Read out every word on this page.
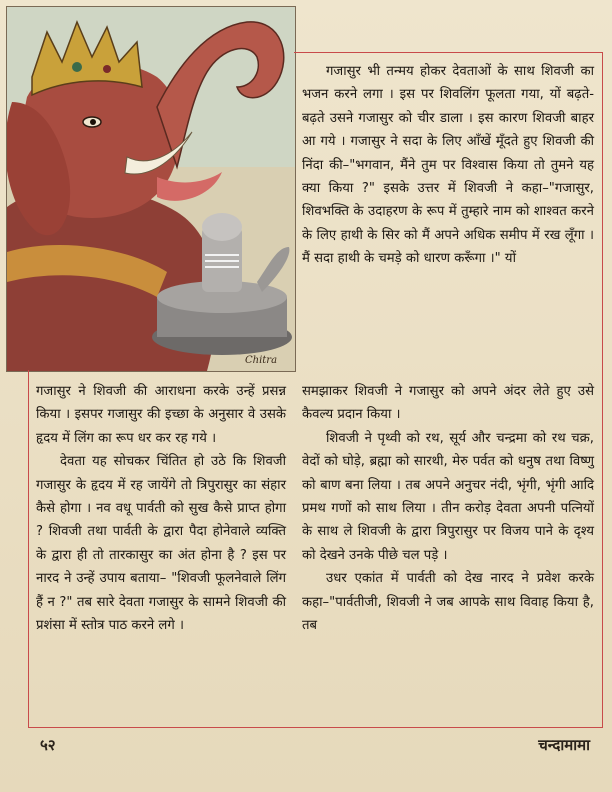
Chitra

गजासुर भी तन्मय होकर देवताओं के साथ शिवजी का भजन करने लगा । इस पर शिवलिंग फूलता गया, यों बढ़ते-बढ़ते उसने गजासुर को चीर डाला । इस कारण शिवजी बाहर आ गये । गजासुर ने सदा के लिए आँखें मूँदते हुए शिवजी की निंदा की–"भगवान, मैंने तुम पर विश्वास किया तो तुमने यह क्या किया ?" इसके उत्तर में शिवजी ने कहा–"गजासुर, शिवभक्ति के उदाहरण के रूप में तुम्हारे नाम को शाश्वत करने के लिए हाथी के सिर को मैं अपने अधिक समीप में रख लूँगा । मैं सदा हाथी के चमड़े को धारण करूँगा ।" यों

गजासुर ने शिवजी की आराधना करके उन्हें प्रसन्न किया । इसपर गजासुर की इच्छा के अनुसार वे उसके हृदय में लिंग का रूप धर कर रह गये ।

देवता यह सोचकर चिंतित हो उठे कि शिवजी गजासुर के हृदय में रह जायेंगे तो त्रिपुरासुर का संहार कैसे होगा । नव वधू पार्वती को सुख कैसे प्राप्त होगा ? शिवजी तथा पार्वती के द्वारा पैदा होनेवाले व्यक्ति के द्वारा ही तो तारकासुर का अंत होना है ? इस पर नारद ने उन्हें उपाय बताया– "शिवजी फूलनेवाले लिंग हैं न ?" तब सारे देवता गजासुर के सामने शिवजी की प्रशंसा में स्तोत्र पाठ करने लगे ।

समझाकर शिवजी ने गजासुर को अपने अंदर लेते हुए उसे कैवल्य प्रदान किया ।

शिवजी ने पृथ्वी को रथ, सूर्य और चन्द्रमा को रथ चक्र, वेदों को घोड़े, ब्रह्मा को सारथी, मेरु पर्वत को धनुष तथा विष्णु को बाण बना लिया । तब अपने अनुचर नंदी, भृंगी, भृंगी आदि प्रमथ गणों को साथ लिया । तीन करोड़ देवता अपनी पत्नियों के साथ ले शिवजी के द्वारा त्रिपुरासुर पर विजय पाने के दृश्य को देखने उनके पीछे चल पड़े ।

उधर एकांत में पार्वती को देख नारद ने प्रवेश करके कहा–"पार्वतीजी, शिवजी ने जब आपके साथ विवाह किया है, तब

५२	चन्दामामा
